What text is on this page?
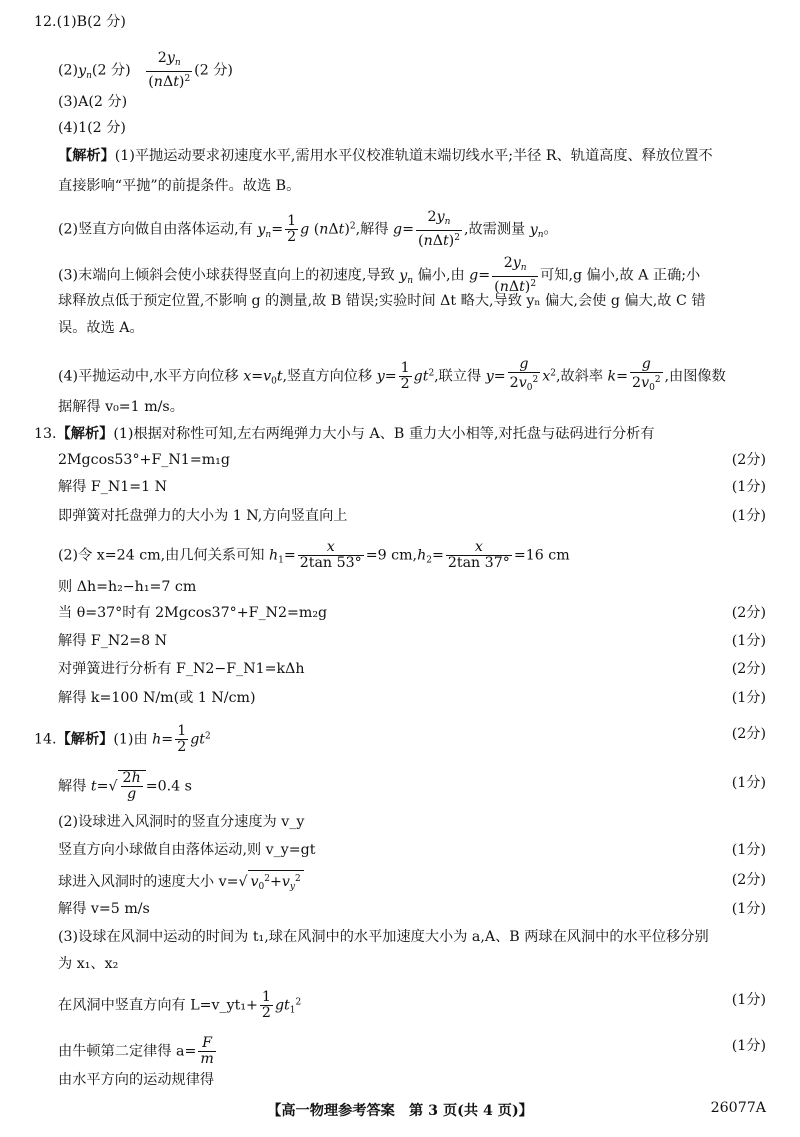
12.(1)B(2 分)
$(2)y_n(2$ 分)
$2y_n$
$(n\Delta t)^2$
(2 分)
(3)A(2 分)
(4)1(2 分)
【解析】(1)平抛运动要求初速度水平,需用水平仪校准轨道末端切线水平;半径 R、轨道高度、释放位置不
直接影响“平抛”的前提条件。故选 B。
(2)竖直方向做自由落体运动,有 $y_n= \frac{1}{2}$ g $(n\Delta t)^2$,解得 g=
$2y_n$
$(n\Delta t)^2$
,故需测量 $y_n$。
(3)末端向上倾斜会使小球获得竖直向上的初速度,导致 $y_n$ 偏小,由 g=
$2y_n$
$(n\Delta t)^2$
可知,g 偏小,故 A 正确;小
球释放点低于预定位置,不影响 g 的测量,故 B 错误;实验时间 Δt 略大,导致 yₙ 偏大,会使 g 偏大,故 C 错
误。故选 A。
(4)平抛运动中,水平方向位移 $x=v_0t$,竖直方向位移 $y= \frac{1}{2} gt^2$,联立得 $y= \frac{g}{2v_0^2} x^2$,故斜率 $k= \frac{g}{2v_0^2}$ ,由图像数
据解得 v₀=1 m/s。
13.【解析】(1)根据对称性可知,左右两绳弹力大小与 A、B 重力大小相等,对托盘与砝码进行分析有
2Mgcos53°+F_N1=m₁g	(2分)
解得 F_N1=1 N	(1分)
即弹簧对托盘弹力的大小为 1 N,方向竖直向上	(1分)
(2)令 x=24 cm,由几何关系可知 $h_1= \frac{x}{2\tan 53^\circ} =9$ $cm,h_2= \frac{x}{2\tan 37^\circ} =16$ cm
则 Δh=h₂−h₁=7 cm
当 θ=37°时有 2Mgcos37°+F_N2=m₂g	(2分)
解得 F_N2=8 N	(1分)
对弹簧进行分析有 F_N2−F_N1=kΔh	(2分)
解得 k=100 N/m(或 1 N/cm)	(1分)
14.【解析】(1)由 $h= \frac{1}{2} gt^2$	(2分)
解得 $t=√ \frac{2h}{g} =0.4$ s	(1分)
(2)设球进入风洞时的竖直分速度为 v_y
竖直方向小球做自由落体运动,则 v_y=gt	(1分)
球进入风洞时的速度大小 v=√ $v_0^2+v_y^2$	(2分)
解得 v=5 m/s	(1分)
(3)设球在风洞中运动的时间为 t₁,球在风洞中的水平加速度大小为 a,A、B 两球在风洞中的水平位移分别
为 x₁、x₂
在风洞中竖直方向有 L=v_yt₁+ $\frac{1}{2} gt_1^2$	(1分)
由牛顿第二定律得 $a= \frac{F}{m}$	(1分)
由水平方向的运动规律得
【高一物理参考答案　第 3 页(共 4 页)】	26077A
